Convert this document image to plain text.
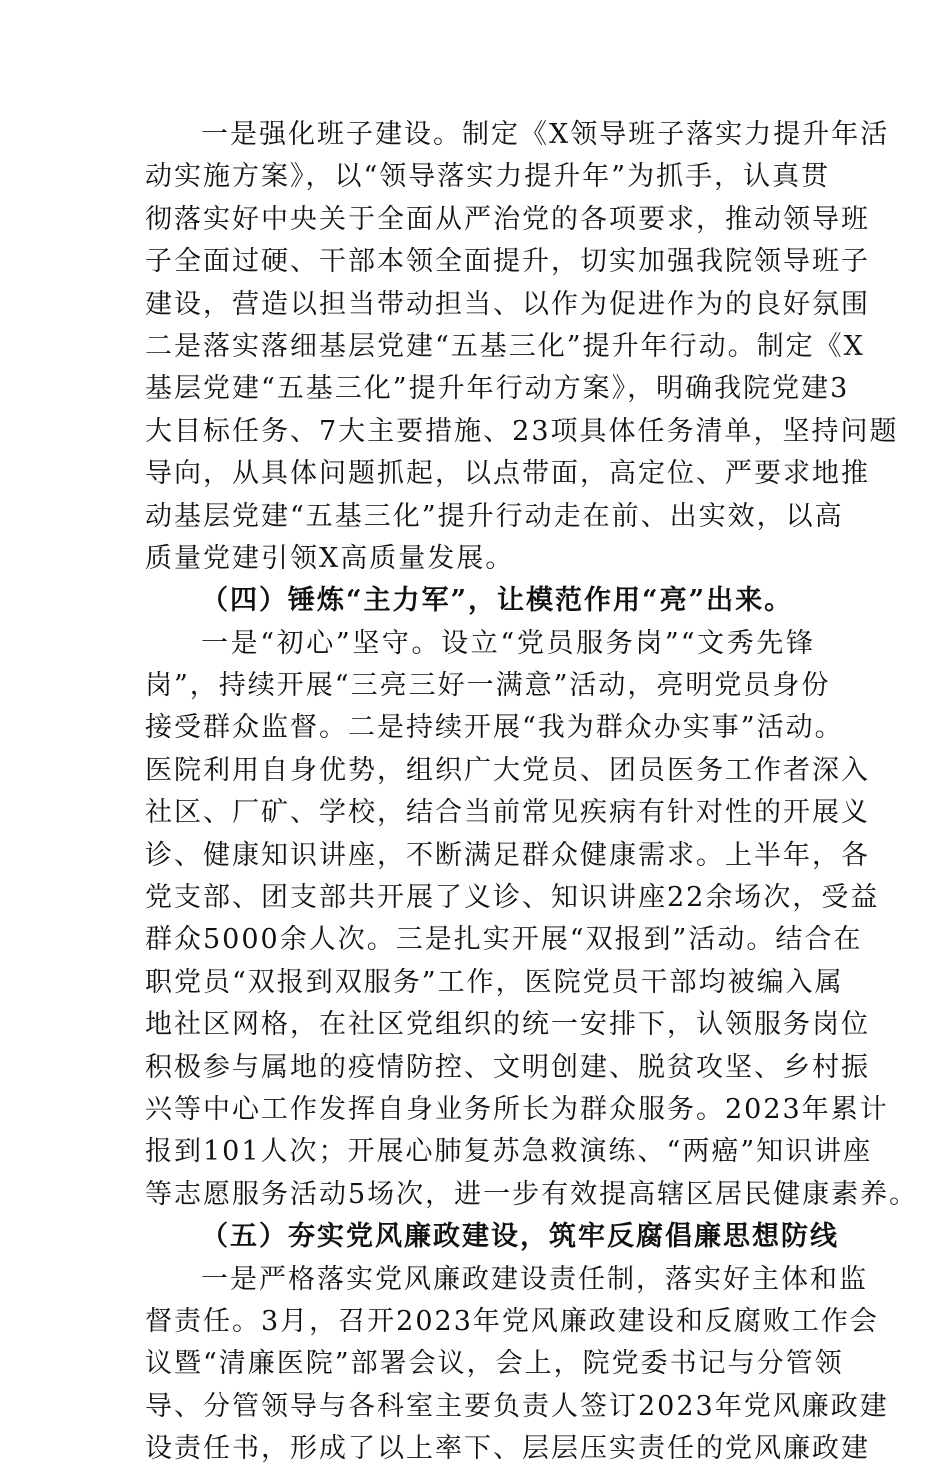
一是强化班子建设。制定《X领导班子落实力提升年活
动实施方案》，以“领导落实力提升年”为抓手，认真贯
彻落实好中央关于全面从严治党的各项要求，推动领导班
子全面过硬、干部本领全面提升，切实加强我院领导班子
建设，营造以担当带动担当、以作为促进作为的良好氛围
二是落实落细基层党建“五基三化”提升年行动。制定《X
基层党建“五基三化”提升年行动方案》，明确我院党建3
大目标任务、7大主要措施、23项具体任务清单，坚持问题
导向，从具体问题抓起，以点带面，高定位、严要求地推
动基层党建“五基三化”提升行动走在前、出实效，以高
质量党建引领X高质量发展。
（四）锤炼“主力军”，让模范作用“亮”出来。
一是“初心”坚守。设立“党员服务岗”“文秀先锋
岗”，持续开展“三亮三好一满意”活动，亮明党员身份
接受群众监督。二是持续开展“我为群众办实事”活动。
医院利用自身优势，组织广大党员、团员医务工作者深入
社区、厂矿、学校，结合当前常见疾病有针对性的开展义
诊、健康知识讲座，不断满足群众健康需求。上半年，各
党支部、团支部共开展了义诊、知识讲座22余场次，受益
群众5000余人次。三是扎实开展“双报到”活动。结合在
职党员“双报到双服务”工作，医院党员干部均被编入属
地社区网格，在社区党组织的统一安排下，认领服务岗位
积极参与属地的疫情防控、文明创建、脱贫攻坚、乡村振
兴等中心工作发挥自身业务所长为群众服务。2023年累计
报到101人次；开展心肺复苏急救演练、“两癌”知识讲座
等志愿服务活动5场次，进一步有效提高辖区居民健康素养。
（五）夯实党风廉政建设，筑牢反腐倡廉思想防线
一是严格落实党风廉政建设责任制，落实好主体和监
督责任。3月，召开2023年党风廉政建设和反腐败工作会
议暨“清廉医院”部署会议，会上，院党委书记与分管领
导、分管领导与各科室主要负责人签订2023年党风廉政建
设责任书，形成了以上率下、层层压实责任的党风廉政建
